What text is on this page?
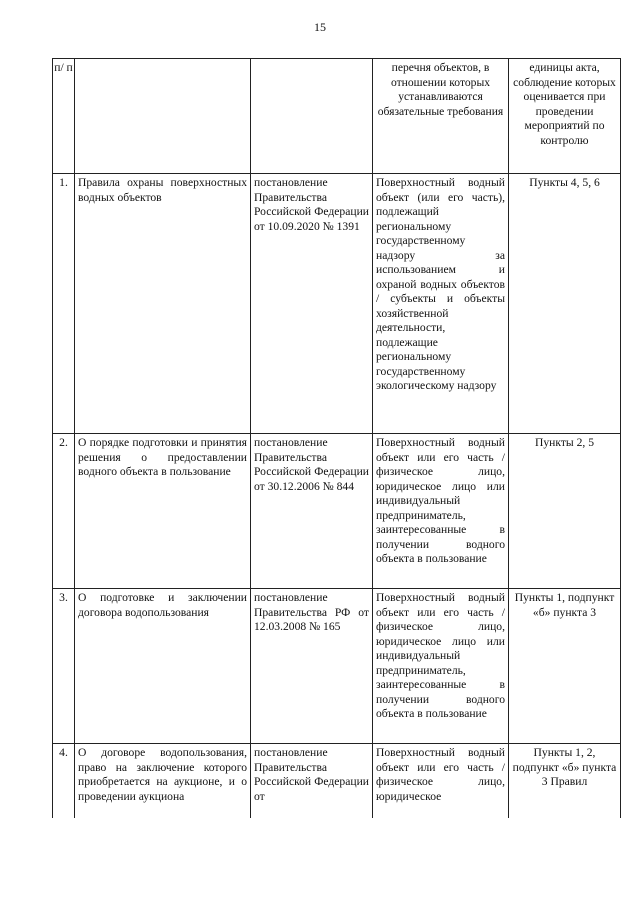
15
п/ п			перечня объектов, в отношении которых устанавливаются обязательные требования	единицы акта, соблюдение которых оценивается при проведении мероприятий по контролю
1.	Правила охраны поверхностных водных объектов	постановление Правительства Российской Федерации от 10.09.2020 № 1391	Поверхностный водный объект (или его часть), подлежащий региональному государственному надзору за использованием и охраной водных объектов / субъекты и объекты хозяйственной деятельности, подлежащие региональному государственному экологическому надзору	Пункты 4, 5, 6
2.	О порядке подготовки и принятия решения о предоставлении водного объекта в пользование	постановление Правительства Российской Федерации от 30.12.2006 № 844	Поверхностный водный объект или его часть / физическое лицо, юридическое лицо или индивидуальный предприниматель, заинтересованные в получении водного объекта в пользование	Пункты 2, 5
3.	О подготовке и заключении договора водопользования	постановление Правительства РФ от 12.03.2008 № 165	Поверхностный водный объект или его часть / физическое лицо, юридическое лицо или индивидуальный предприниматель, заинтересованные в получении водного объекта в пользование	Пункты 1, подпункт «б» пункта 3
4.	О договоре водопользования, право на заключение которого приобретается на аукционе, и о проведении аукциона	постановление Правительства Российской Федерации от	Поверхностный водный объект или его часть / физическое лицо, юридическое	Пункты 1, 2, подпункт «б» пункта 3 Правил
